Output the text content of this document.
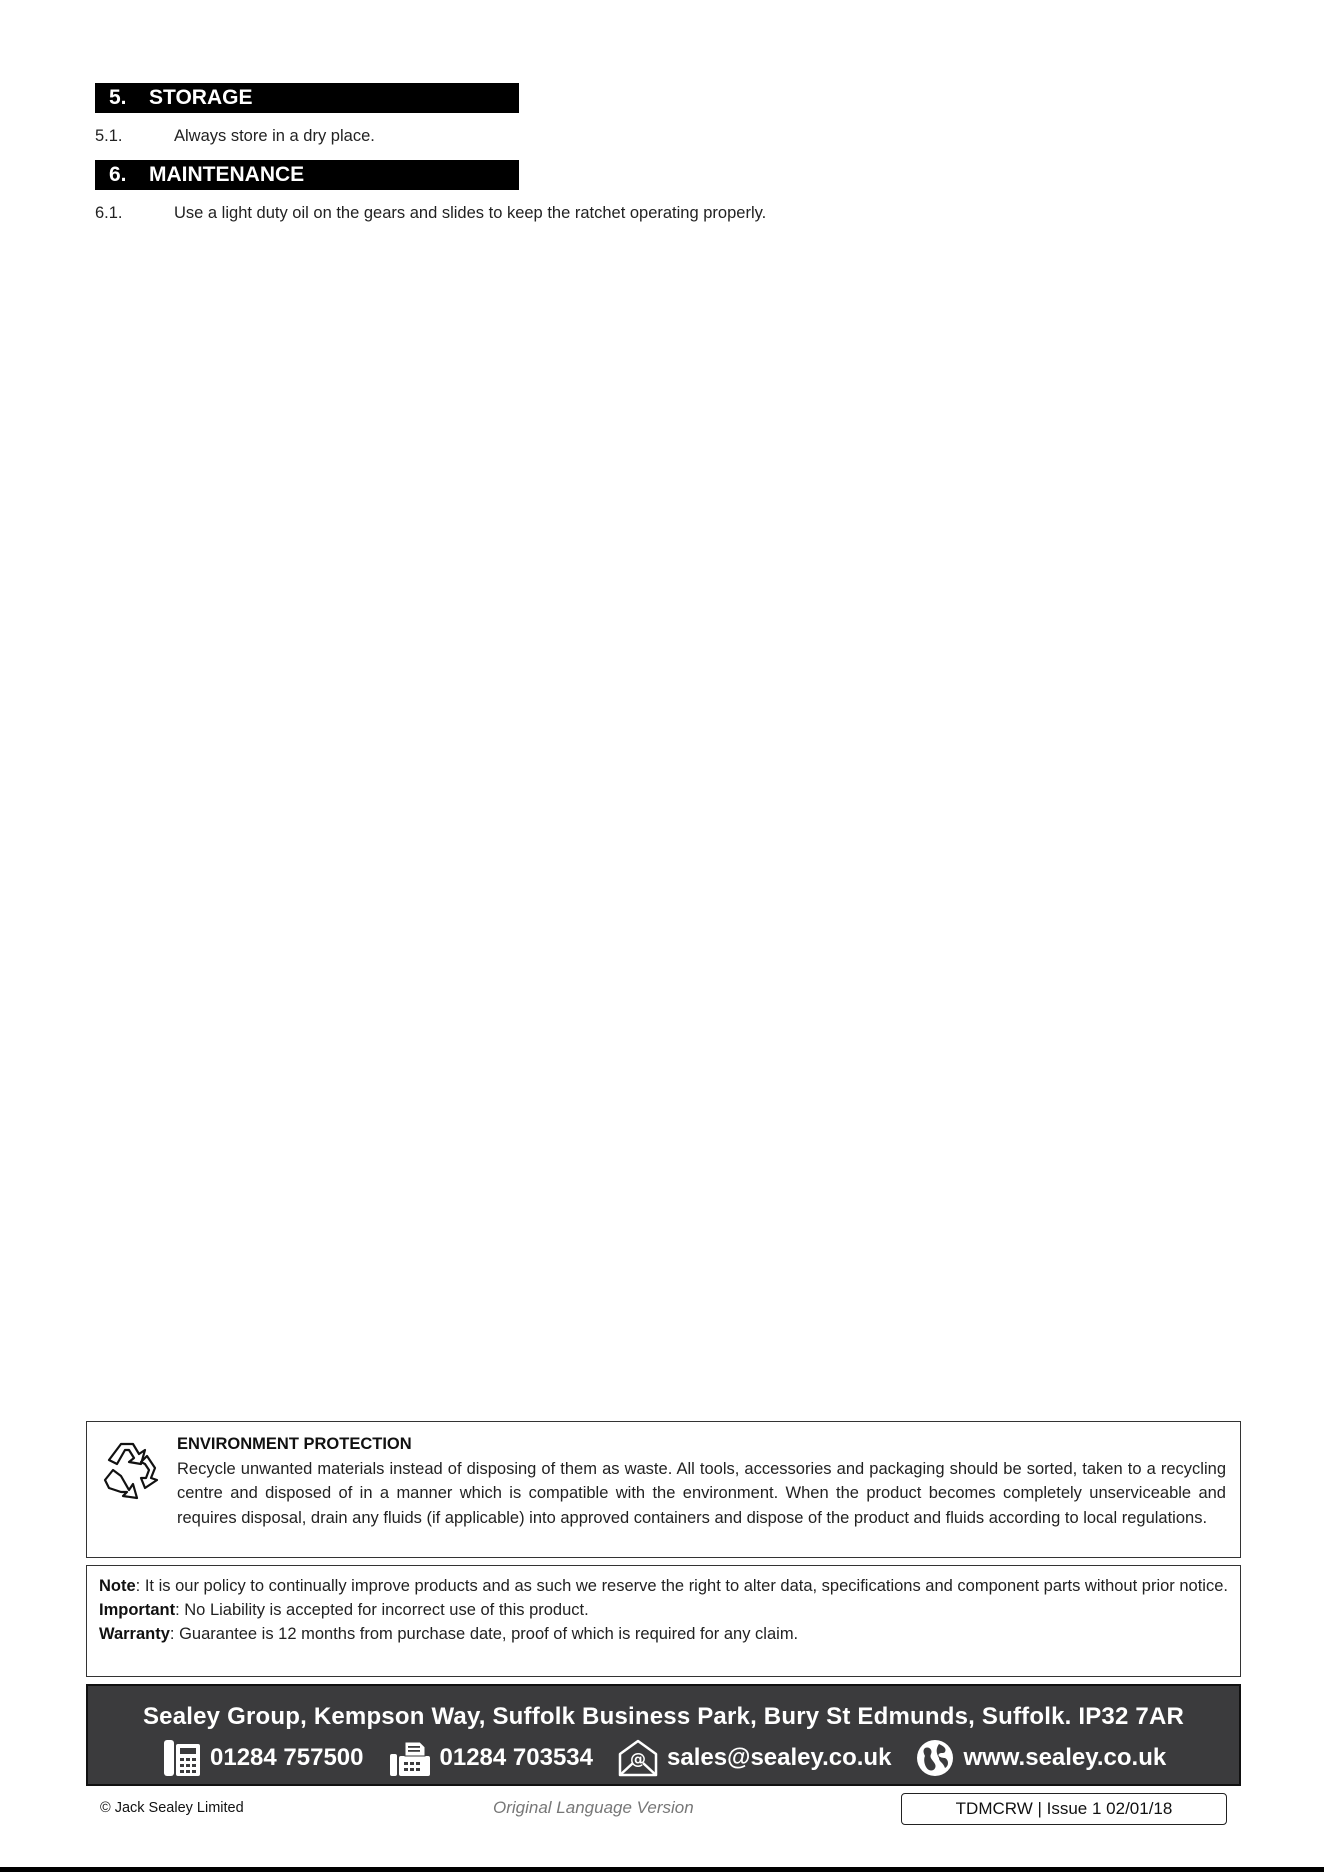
5.	STORAGE
5.1.	Always store in a dry place.
6.	MAINTENANCE
6.1.	Use a light duty oil on the gears and slides to keep the ratchet operating properly.
ENVIRONMENT PROTECTION
Recycle unwanted materials instead of disposing of them as waste. All tools, accessories and packaging should be sorted, taken to a recycling centre and disposed of in a manner which is compatible with the environment. When the product becomes completely unserviceable and requires disposal, drain any fluids (if applicable) into approved containers and dispose of the product and fluids according to local regulations.
Note: It is our policy to continually improve products and as such we reserve the right to alter data, specifications and component parts without prior notice.
Important: No Liability is accepted for incorrect use of this product.
Warranty: Guarantee is 12 months from purchase date, proof of which is required for any claim.
Sealey Group, Kempson Way, Suffolk Business Park, Bury St Edmunds, Suffolk. IP32 7AR
01284 757500	01284 703534 @ sales@sealey.co.uk	www.sealey.co.uk
© Jack Sealey Limited	Original Language Version	TDMCRW | Issue 1 02/01/18
